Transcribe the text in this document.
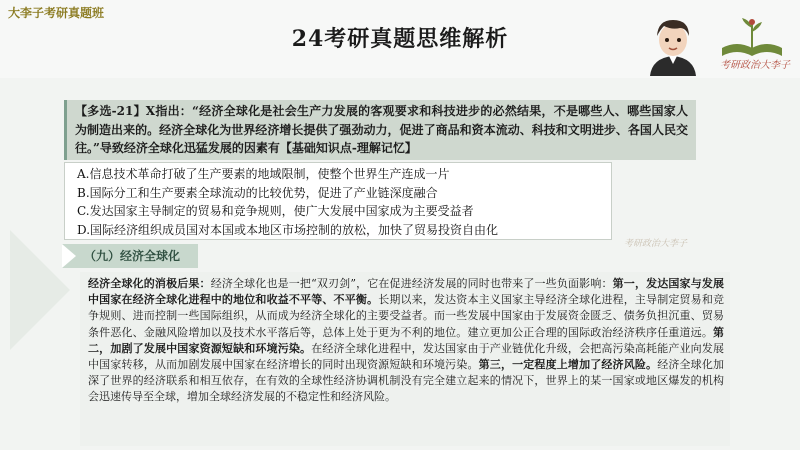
大李子考研真题班
24考研真题思维解析
考研政治大李子
【多选-21】X指出：“经济全球化是社会生产力发展的客观要求和科技进步的必然结果，不是哪些人、哪些国家人为制造出来的。经济全球化为世界经济增长提供了强劲动力，促进了商品和资本流动、科技和文明进步、各国人民交往。”导致经济全球化迅猛发展的因素有【基础知识点-理解记忆】
A.信息技术革命打破了生产要素的地域限制，使整个世界生产连成一片
B.国际分工和生产要素全球流动的比较优势，促进了产业链深度融合
C.发达国家主导制定的贸易和竞争规则，使广大发展中国家成为主要受益者
D.国际经济组织成员国对本国或本地区市场控制的放松，加快了贸易投资自由化
考研政治大李子
（九）经济全球化
经济全球化的消极后果：经济全球化也是一把“双刃剑”，它在促进经济发展的同时也带来了一些负面影响：第一，发达国家与发展中国家在经济全球化进程中的地位和收益不平等、不平衡。长期以来，发达资本主义国家主导经济全球化进程，主导制定贸易和竞争规则、进而控制一些国际组织，从而成为经济全球化的主要受益者。而一些发展中国家由于发展资金匮乏、债务负担沉重、贸易条件恶化、金融风险增加以及技术水平落后等，总体上处于更为不利的地位。建立更加公正合理的国际政治经济秩序任重道远。第二，加剧了发展中国家资源短缺和环境污染。在经济全球化进程中，发达国家由于产业链优化升级，会把高污染高耗能产业向发展中国家转移，从而加剧发展中国家在经济增长的同时出现资源短缺和环境污染。第三，一定程度上增加了经济风险。经济全球化加深了世界的经济联系和相互依存，在有效的全球性经济协调机制没有完全建立起来的情况下，世界上的某一国家或地区爆发的机构会迅速传导至全球，增加全球经济发展的不稳定性和经济风险。
